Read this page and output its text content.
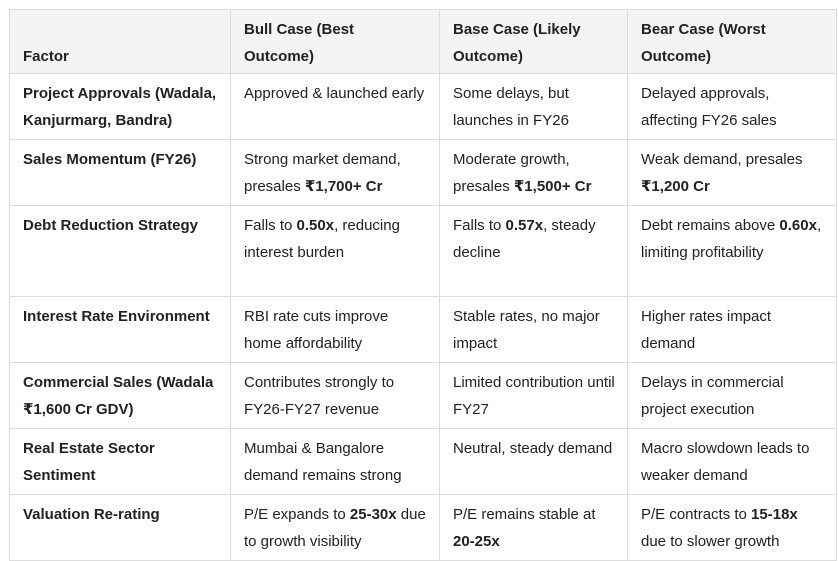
Factor	Bull Case (Best Outcome)	Base Case (Likely Outcome)	Bear Case (Worst Outcome)
Project Approvals (Wadala, Kanjurmarg, Bandra)	Approved & launched early	Some delays, but launches in FY26	Delayed approvals, affecting FY26 sales
Sales Momentum (FY26)	Strong market demand, presales ₹1,700+ Cr	Moderate growth, presales ₹1,500+ Cr	Weak demand, presales ₹1,200 Cr
Debt Reduction Strategy	Falls to 0.50x, reducing interest burden	Falls to 0.57x, steady decline	Debt remains above 0.60x, limiting profitability
Interest Rate Environment	RBI rate cuts improve home affordability	Stable rates, no major impact	Higher rates impact demand
Commercial Sales (Wadala ₹1,600 Cr GDV)	Contributes strongly to FY26-FY27 revenue	Limited contribution until FY27	Delays in commercial project execution
Real Estate Sector Sentiment	Mumbai & Bangalore demand remains strong	Neutral, steady demand	Macro slowdown leads to weaker demand
Valuation Re-rating	P/E expands to 25-30x due to growth visibility	P/E remains stable at 20-25x	P/E contracts to 15-18x due to slower growth
